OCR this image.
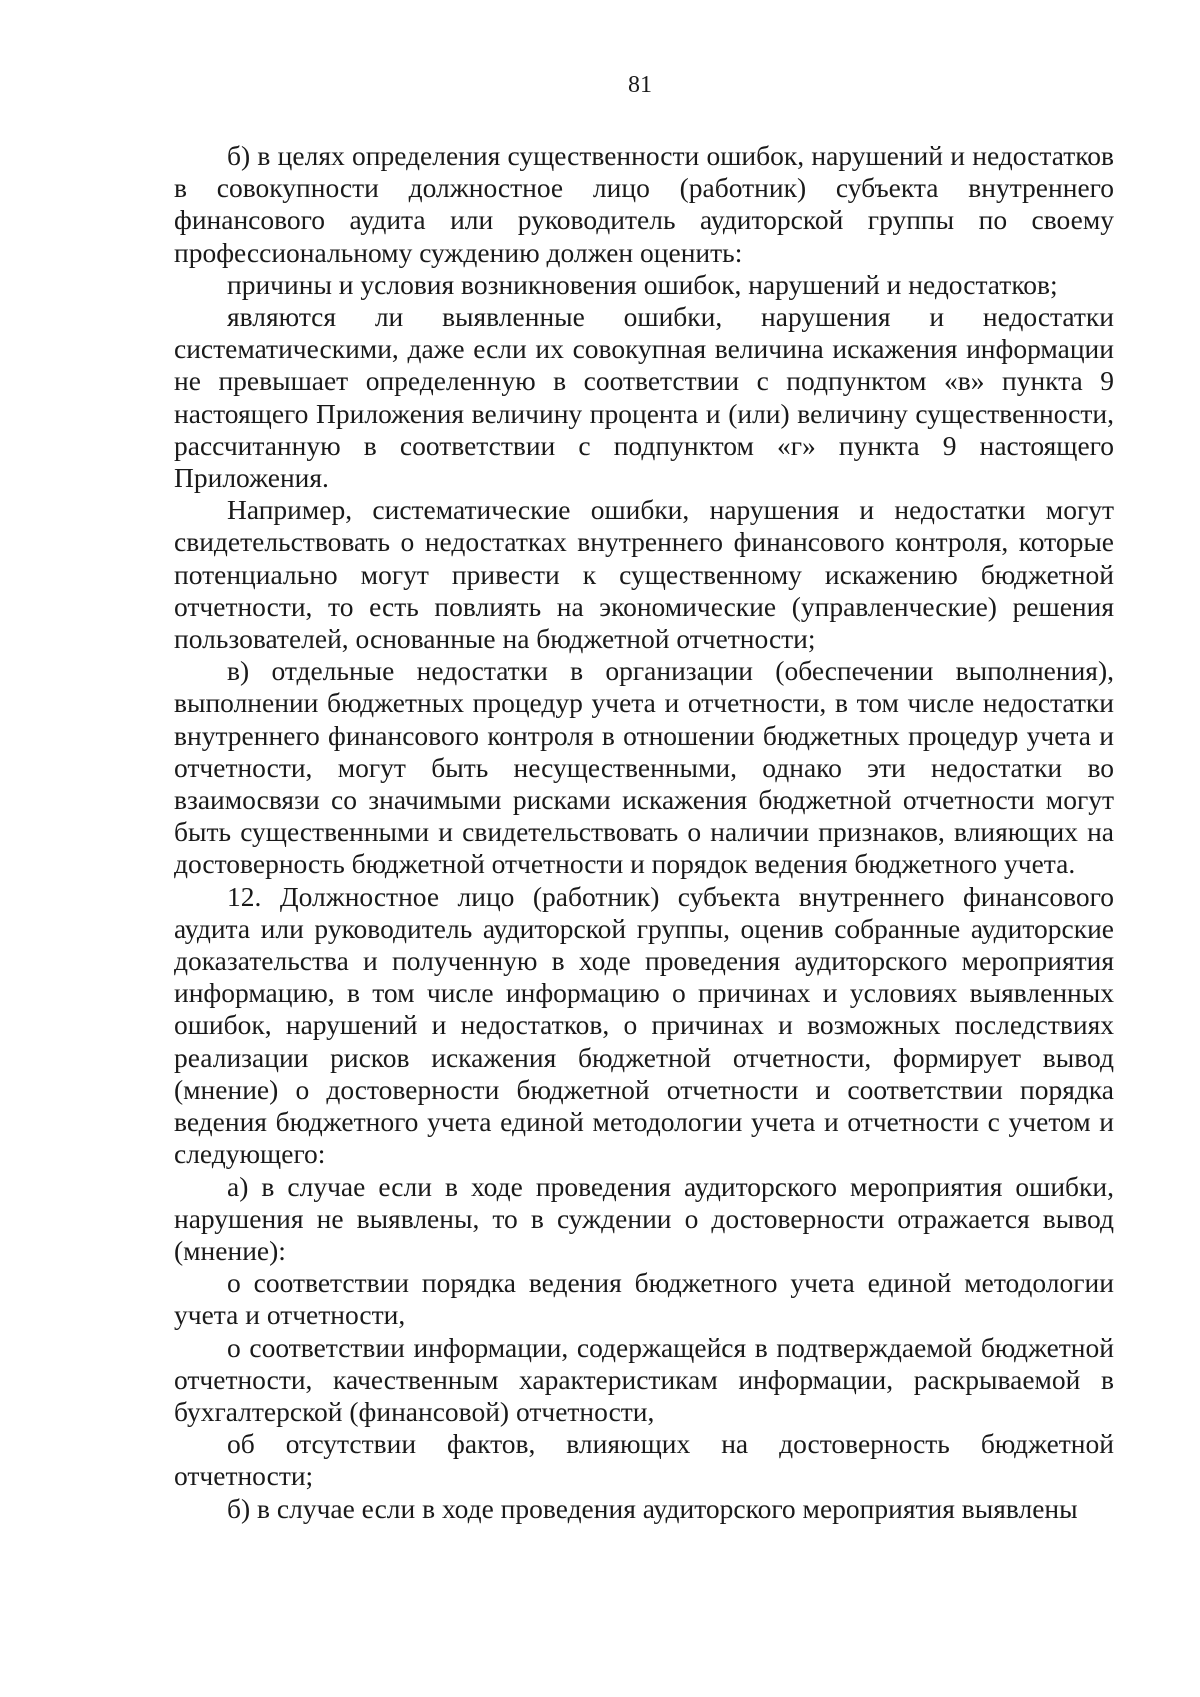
81

б) в целях определения существенности ошибок, нарушений и недостатков в совокупности должностное лицо (работник) субъекта внутреннего финансового аудита или руководитель аудиторской группы по своему профессиональному суждению должен оценить:

причины и условия возникновения ошибок, нарушений и недостатков;

являются ли выявленные ошибки, нарушения и недостатки систематическими, даже если их совокупная величина искажения информации не превышает определенную в соответствии с подпунктом «в» пункта 9 настоящего Приложения величину процента и (или) величину существенности, рассчитанную в соответствии с подпунктом «г» пункта 9 настоящего Приложения.

Например, систематические ошибки, нарушения и недостатки могут свидетельствовать о недостатках внутреннего финансового контроля, которые потенциально могут привести к существенному искажению бюджетной отчетности, то есть повлиять на экономические (управленческие) решения пользователей, основанные на бюджетной отчетности;

в) отдельные недостатки в организации (обеспечении выполнения), выполнении бюджетных процедур учета и отчетности, в том числе недостатки внутреннего финансового контроля в отношении бюджетных процедур учета и отчетности, могут быть несущественными, однако эти недостатки во взаимосвязи со значимыми рисками искажения бюджетной отчетности могут быть существенными и свидетельствовать о наличии признаков, влияющих на достоверность бюджетной отчетности и порядок ведения бюджетного учета.

12. Должностное лицо (работник) субъекта внутреннего финансового аудита или руководитель аудиторской группы, оценив собранные аудиторские доказательства и полученную в ходе проведения аудиторского мероприятия информацию, в том числе информацию о причинах и условиях выявленных ошибок, нарушений и недостатков, о причинах и возможных последствиях реализации рисков искажения бюджетной отчетности, формирует вывод (мнение) о достоверности бюджетной отчетности и соответствии порядка ведения бюджетного учета единой методологии учета и отчетности с учетом и следующего:

а) в случае если в ходе проведения аудиторского мероприятия ошибки, нарушения не выявлены, то в суждении о достоверности отражается вывод (мнение):

о соответствии порядка ведения бюджетного учета единой методологии учета и отчетности,

о соответствии информации, содержащейся в подтверждаемой бюджетной отчетности, качественным характеристикам информации, раскрываемой в бухгалтерской (финансовой) отчетности,

об отсутствии фактов, влияющих на достоверность бюджетной отчетности;

б) в случае если в ходе проведения аудиторского мероприятия выявлены
